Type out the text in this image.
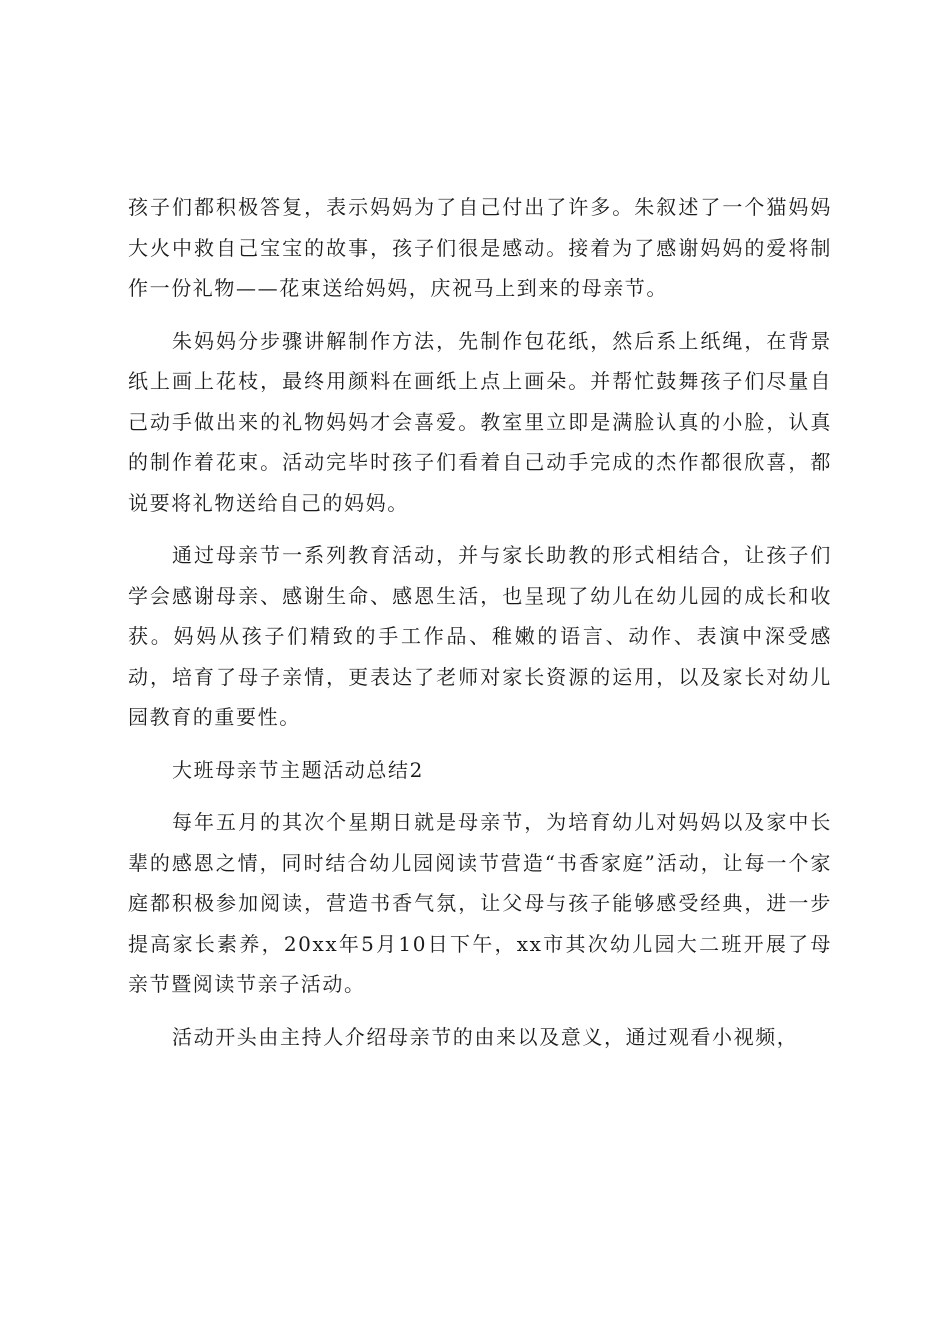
孩子们都积极答复，表示妈妈为了自己付出了许多。朱叙述了一个猫妈妈大火中救自己宝宝的故事，孩子们很是感动。接着为了感谢妈妈的爱将制作一份礼物——花束送给妈妈，庆祝马上到来的母亲节。

朱妈妈分步骤讲解制作方法，先制作包花纸，然后系上纸绳，在背景纸上画上花枝，最终用颜料在画纸上点上画朵。并帮忙鼓舞孩子们尽量自己动手做出来的礼物妈妈才会喜爱。教室里立即是满脸认真的小脸，认真的制作着花束。活动完毕时孩子们看着自己动手完成的杰作都很欣喜，都说要将礼物送给自己的妈妈。

通过母亲节一系列教育活动，并与家长助教的形式相结合，让孩子们学会感谢母亲、感谢生命、感恩生活，也呈现了幼儿在幼儿园的成长和收获。妈妈从孩子们精致的手工作品、稚嫩的语言、动作、表演中深受感动，培育了母子亲情，更表达了老师对家长资源的运用，以及家长对幼儿园教育的重要性。

大班母亲节主题活动总结2

每年五月的其次个星期日就是母亲节，为培育幼儿对妈妈以及家中长辈的感恩之情，同时结合幼儿园阅读节营造“书香家庭”活动，让每一个家庭都积极参加阅读，营造书香气氛，让父母与孩子能够感受经典，进一步提高家长素养，20xx年5月10日下午，xx市其次幼儿园大二班开展了母亲节暨阅读节亲子活动。

活动开头由主持人介绍母亲节的由来以及意义，通过观看小视频，
